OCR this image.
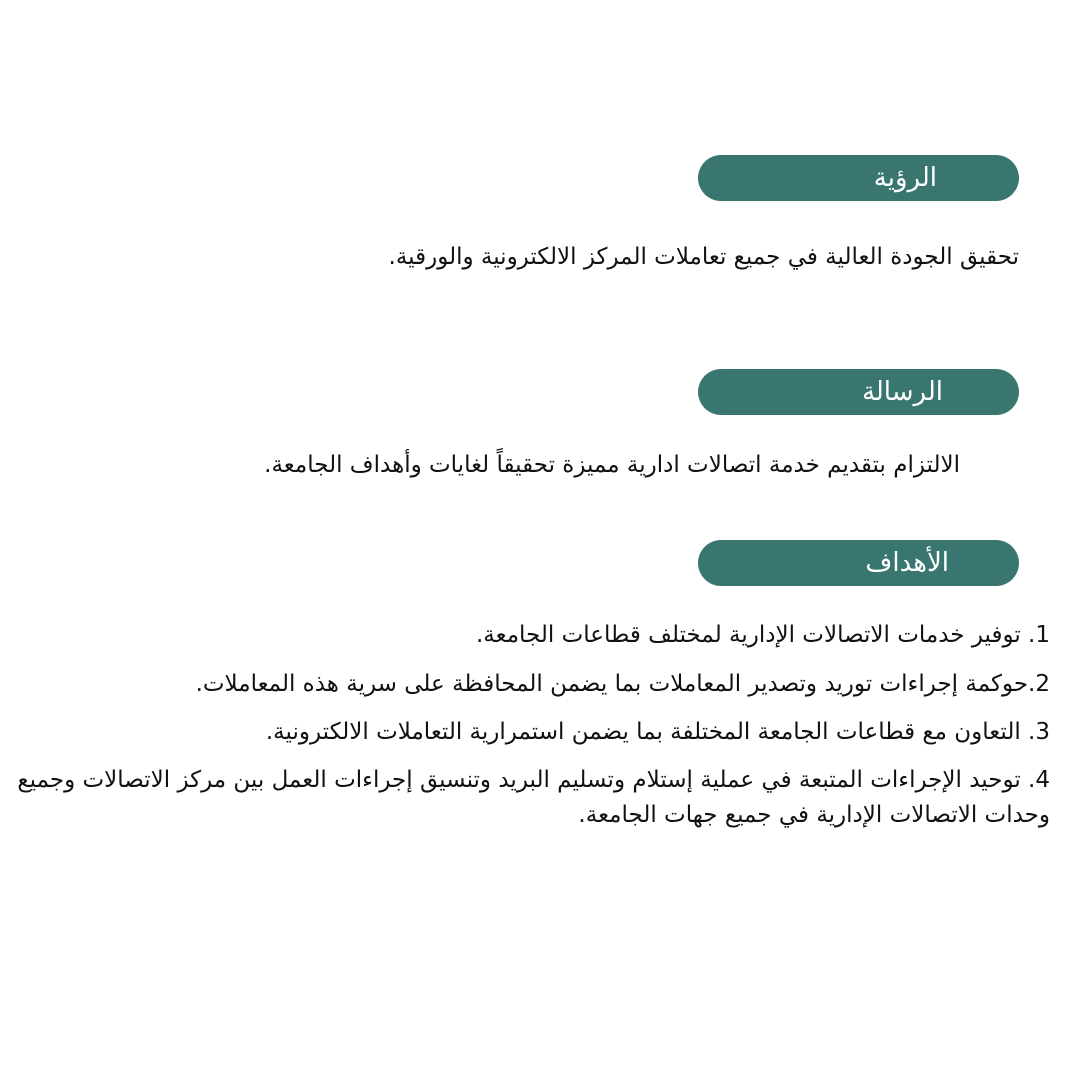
الرؤية
تحقيق الجودة العالية في جميع تعاملات المركز الالكترونية والورقية.
الرسالة
الالتزام بتقديم خدمة اتصالات ادارية مميزة تحقيقاً لغايات وأهداف الجامعة.
الأهداف
1. توفير خدمات الاتصالات الإدارية لمختلف قطاعات الجامعة.
2.حوكمة إجراءات توريد وتصدير المعاملات بما يضمن المحافظة على سرية هذه المعاملات.
3. التعاون مع قطاعات الجامعة المختلفة بما يضمن استمرارية التعاملات الالكترونية.
4. توحيد الإجراءات المتبعة في عملية إستلام وتسليم البريد وتنسيق إجراءات العمل بين مركز الاتصالات وجميع وحدات الاتصالات الإدارية في جميع جهات الجامعة.
